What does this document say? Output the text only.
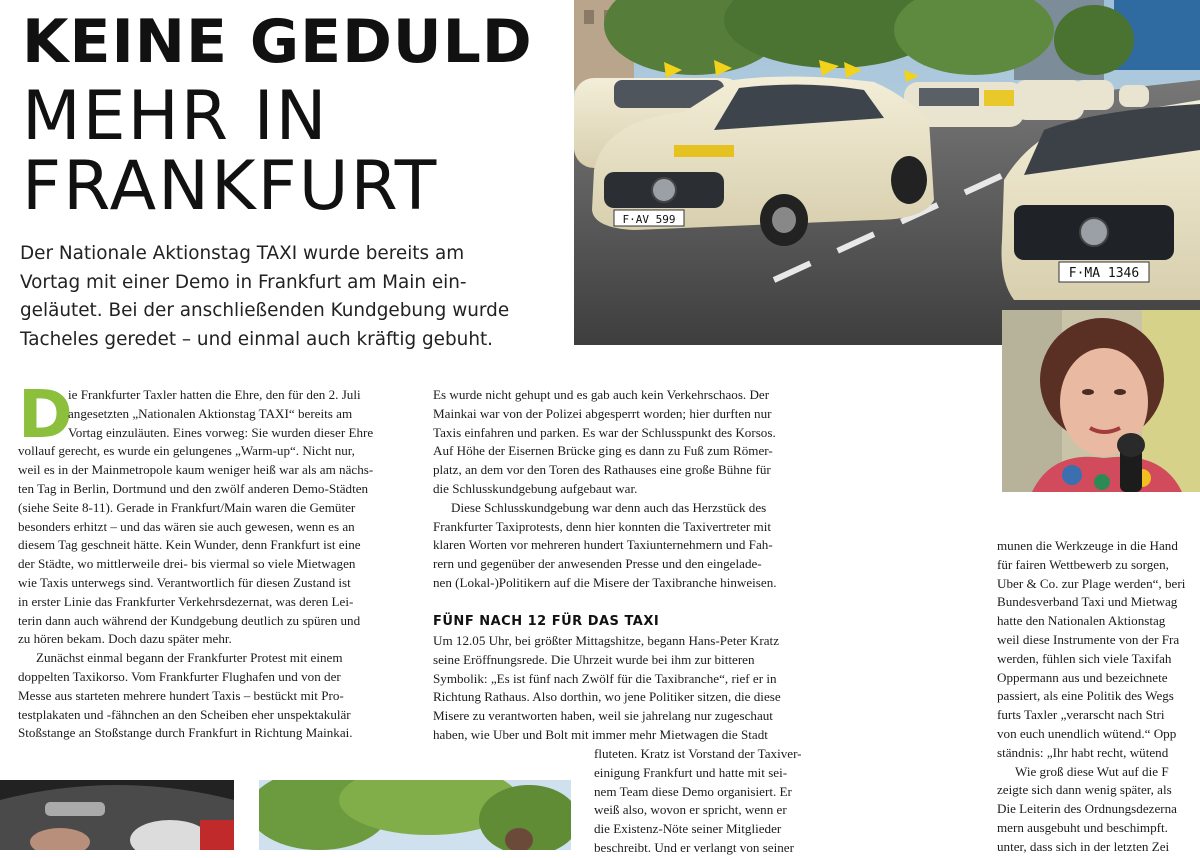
KEINE GEDULD
MEHR IN
FRANKFURT
Der Nationale Aktionstag TAXI wurde bereits am
Vortag mit einer Demo in Frankfurt am Main ein-
geläutet. Bei der anschließenden Kundgebung wurde
Tacheles geredet – und einmal auch kräftig gebuht.
F·AV 599
F·MA 1346
D
ie Frankfurter Taxler hatten die Ehre, den für den 2. Juli
angesetzten „Nationalen Aktionstag TAXI“ bereits am
Vortag einzuläuten. Eines vorweg: Sie wurden dieser Ehre
vollauf gerecht, es wurde ein gelungenes „Warm-up“. Nicht nur,
weil es in der Mainmetropole kaum weniger heiß war als am nächs-
ten Tag in Berlin, Dortmund und den zwölf anderen Demo-Städten
(siehe Seite 8-11). Gerade in Frankfurt/Main waren die Gemüter
besonders erhitzt – und das wären sie auch gewesen, wenn es an
diesem Tag geschneit hätte. Kein Wunder, denn Frankfurt ist eine
der Städte, wo mittlerweile drei- bis viermal so viele Mietwagen
wie Taxis unterwegs sind. Verantwortlich für diesen Zustand ist
in erster Linie das Frankfurter Verkehrsdezernat, was deren Lei-
terin dann auch während der Kundgebung deutlich zu spüren und
zu hören bekam. Doch dazu später mehr.
Zunächst einmal begann der Frankfurter Protest mit einem
doppelten Taxikorso. Vom Frankfurter Flughafen und von der
Messe aus starteten mehrere hundert Taxis – bestückt mit Pro-
testplakaten und -fähnchen an den Scheiben eher unspektakulär
Stoßstange an Stoßstange durch Frankfurt in Richtung Mainkai.
Es wurde nicht gehupt und es gab auch kein Verkehrschaos. Der
Mainkai war von der Polizei abgesperrt worden; hier durften nur
Taxis einfahren und parken. Es war der Schlusspunkt des Korsos.
Auf Höhe der Eisernen Brücke ging es dann zu Fuß zum Römer-
platz, an dem vor den Toren des Rathauses eine große Bühne für
die Schlusskundgebung aufgebaut war.
Diese Schlusskundgebung war denn auch das Herzstück des
Frankfurter Taxiprotests, denn hier konnten die Taxivertreter mit
klaren Worten vor mehreren hundert Taxiunternehmern und Fah-
rern und gegenüber der anwesenden Presse und den eingelade-
nen (Lokal-)Politikern auf die Misere der Taxibranche hinweisen.
FÜNF NACH 12 FÜR DAS TAXI
Um 12.05 Uhr, bei größter Mittagshitze, begann Hans-Peter Kratz
seine Eröffnungsrede. Die Uhrzeit wurde bei ihm zur bitteren
Symbolik: „Es ist fünf nach Zwölf für die Taxibranche“, rief er in
Richtung Rathaus. Also dorthin, wo jene Politiker sitzen, die diese
Misere zu verantworten haben, weil sie jahrelang nur zugeschaut
haben, wie Uber und Bolt mit immer mehr Mietwagen die Stadt
fluteten. Kratz ist Vorstand der Taxiver-
einigung Frankfurt und hatte mit sei-
nem Team diese Demo organisiert. Er
weiß also, wovon er spricht, wenn er
die Existenz-Nöte seiner Mitglieder
beschreibt. Und er verlangt von seiner
munen die Werkzeuge in die Hand
für fairen Wettbewerb zu sorgen,
Uber & Co. zur Plage werden“, beri
Bundesverband Taxi und Mietwag
hatte den Nationalen Aktionstag
weil diese Instrumente von der Fra
werden, fühlen sich viele Taxifah
Oppermann aus und bezeichnete
passiert, als eine Politik des Wegs
furts Taxler „verarscht nach Stri
von euch unendlich wütend.“ Opp
ständnis: „Ihr habt recht, wütend
Wie groß diese Wut auf die F
zeigte sich dann wenig später, als
Die Leiterin des Ordnungsdezerna
mern ausgebuht und beschimpft.
unter, dass sich in der letzten Zei
